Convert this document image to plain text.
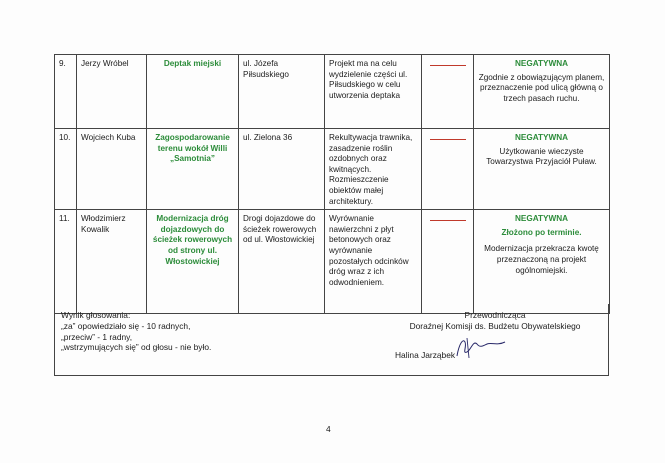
9.	Jerzy Wróbel	Deptak miejski	ul. Józefa Piłsudskiego	Projekt ma na celu wydzielenie części ul. Piłsudskiego w celu utworzenia deptaka		NEGATYWNA
Zgodnie z obowiązującym planem, przeznaczenie pod ulicą główną o trzech pasach ruchu.

10.	Wojciech Kuba	Zagospodarowanie terenu wokół Willi „Samotnia”	ul. Zielona 36	Rekultywacja trawnika, zasadzenie roślin ozdobnych oraz kwitnących. Rozmieszczenie obiektów małej architektury.		NEGATYWNA
Użytkowanie wieczyste Towarzystwa Przyjaciół Puław.

11.	Włodzimierz Kowalik	Modernizacja dróg dojazdowych do ścieżek rowerowych od strony ul. Włostowickiej	Drogi dojazdowe do ścieżek rowerowych od ul. Włostowickiej	Wyrównanie nawierzchni z płyt betonowych oraz wyrównanie pozostałych odcinków dróg wraz z ich odwodnieniem.		NEGATYWNA
Złożono po terminie.
Modernizacja przekracza kwotę przeznaczoną na projekt ogólnomiejski.
Wynik głosowania:
„za” opowiedziało się - 10 radnych,
„przeciw” - 1 radny,
„wstrzymujących się” od głosu - nie było.
Przewodnicząca
Doraźnej Komisji ds. Budżetu Obywatelskiego
Halina Jarząbek
4
